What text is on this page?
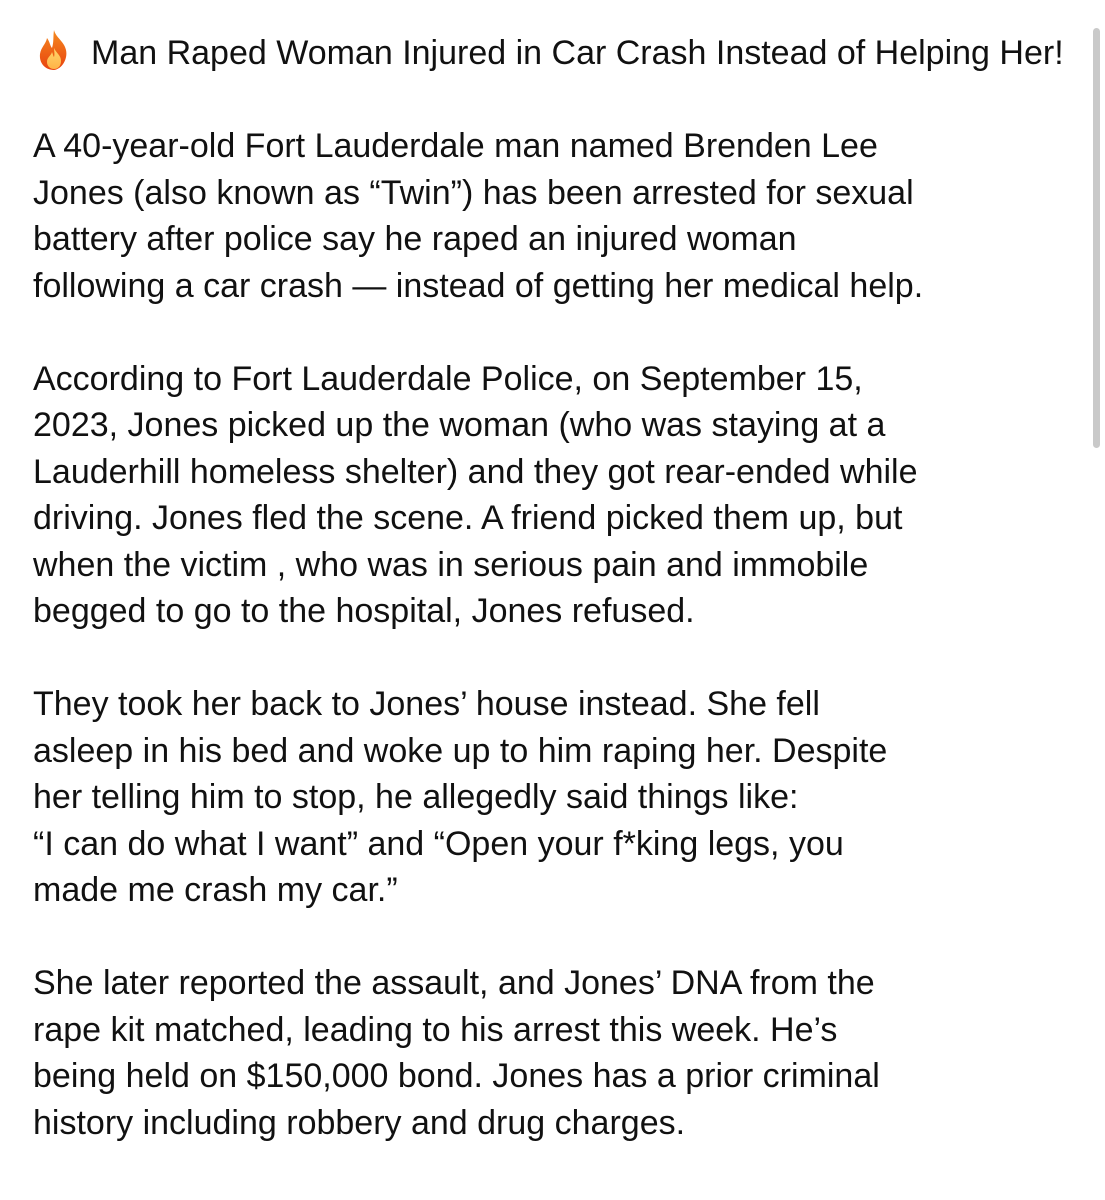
Man Raped Woman Injured in Car Crash Instead of Helping Her!

A 40-year-old Fort Lauderdale man named Brenden Lee
Jones (also known as “Twin”) has been arrested for sexual
battery after police say he raped an injured woman
following a car crash — instead of getting her medical help.

According to Fort Lauderdale Police, on September 15,
2023, Jones picked up the woman (who was staying at a
Lauderhill homeless shelter) and they got rear-ended while
driving. Jones fled the scene. A friend picked them up, but
when the victim , who was in serious pain and immobile
begged to go to the hospital, Jones refused.

They took her back to Jones’ house instead. She fell
asleep in his bed and woke up to him raping her. Despite
her telling him to stop, he allegedly said things like:
“I can do what I want” and “Open your f*king legs, you
made me crash my car.”

She later reported the assault, and Jones’ DNA from the
rape kit matched, leading to his arrest this week. He’s
being held on $150,000 bond. Jones has a prior criminal
history including robbery and drug charges.
